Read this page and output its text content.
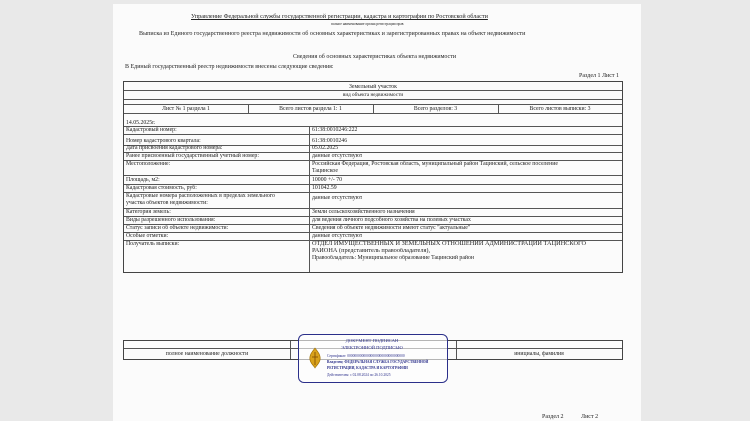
Управление Федеральной службы государственной регистрации, кадастра и картографии по Ростовской области
полное наименование органа регистрации прав
Выписка из Единого государственного реестра недвижимости об основных характеристиках и зарегистрированных правах на объект недвижимости
Сведения об основных характеристиках объекта недвижимости
В Единый государственный реестр недвижимости внесены следующие сведения:
Раздел 1 Лист 1
Земельный участок
вид объекта недвижимости
Лист № 1 раздела 1	Всего листов раздела 1: 1	Всего разделов: 3	Всего листов выписки: 3
14.05.2025г.
Кадастровый номер:	61:38:0010246:222
Номер кадастрового квартала:	61:38:0010246
Дата присвоения кадастрового номера:	05.02.2025
Ранее присвоенный государственный учетный номер:	данные отсутствуют
Местоположение:	Российская Федерация, Ростовская область, муниципальный район Тацинский, сельское поселение
Тацинское
Площадь, м2:	10000 +/- 70
Кадастровая стоимость, руб:	101042.59
Кадастровые номера расположенных в пределах земельного
участка объектов недвижимости:
данные отсутствуют
Категория земель:	Земли сельскохозяйственного назначения
Виды разрешенного использования:	для ведения личного подсобного хозяйства на полевых участках
Статус записи об объекте недвижимости:	Сведения об объекте недвижимости имеют статус "актуальные"
Особые отметки:	данные отсутствуют
Получатель выписки:	ОТДЕЛ ИМУЩЕСТВЕННЫХ И ЗЕМЕЛЬНЫХ ОТНОШЕНИЙ АДМИНИСТРАЦИИ ТАЦИНСКОГО
РАЙОНА (представитель правообладателя),
Правообладатель: Муниципальное образование Тацинский район
полное наименование должности	инициалы, фамилия
ДОКУМЕНТ ПОДПИСАН
ЭЛЕКТРОННОЙ ПОДПИСЬЮ
Сертификат: 00000000000000000000000000000000
Владелец: ФЕДЕРАЛЬНАЯ СЛУЖБА ГОСУДАРСТВЕННОЙ
РЕГИСТРАЦИИ, КАДАСТРА И КАРТОГРАФИИ
Действителен: с 02.08.2024 по 26.10.2025
Раздел 2	Лист 2
